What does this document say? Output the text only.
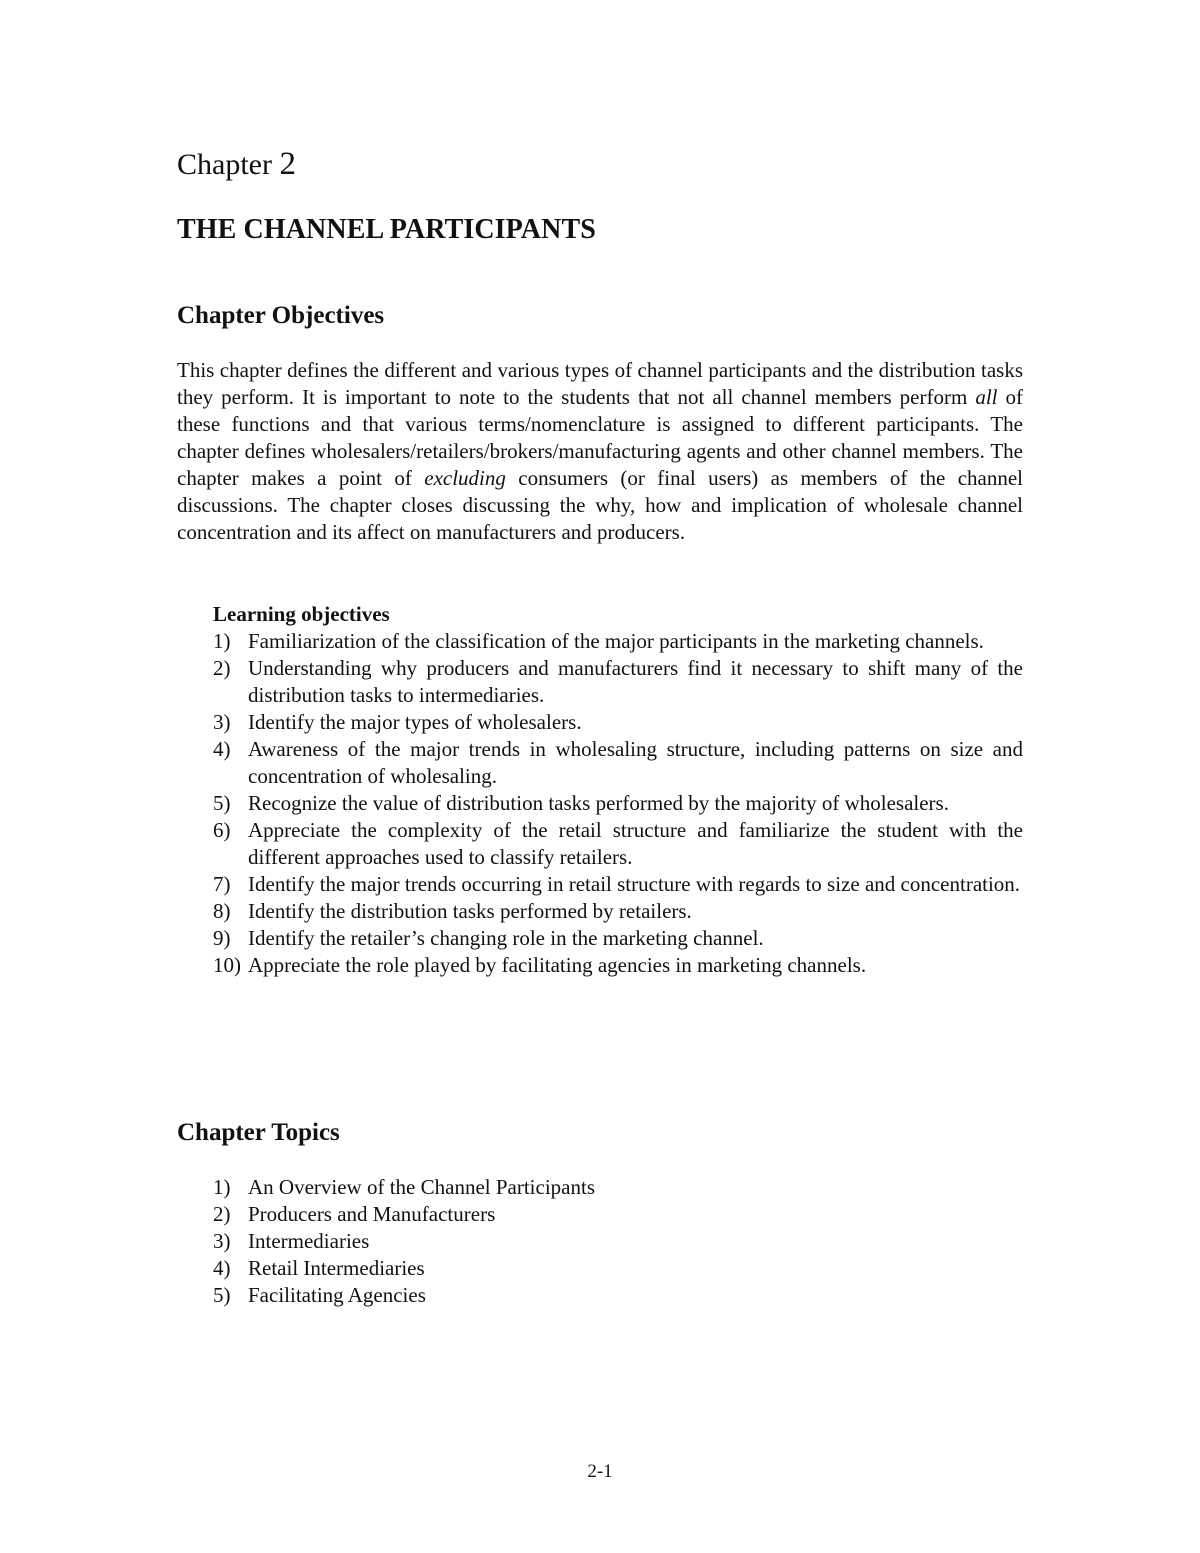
Chapter 2
THE CHANNEL PARTICIPANTS
Chapter Objectives

This chapter defines the different and various types of channel participants and the distribution tasks they perform. It is important to note to the students that not all channel members perform all of these functions and that various terms/nomenclature is assigned to different participants. The chapter defines wholesalers/retailers/brokers/manufacturing agents and other channel members. The chapter makes a point of excluding consumers (or final users) as members of the channel discussions. The chapter closes discussing the why, how and implication of wholesale channel concentration and its affect on manufacturers and producers.

Learning objectives

1) Familiarization of the classification of the major participants in the marketing channels.
2) Understanding why producers and manufacturers find it necessary to shift many of the distribution tasks to intermediaries.
3) Identify the major types of wholesalers.
4) Awareness of the major trends in wholesaling structure, including patterns on size and concentration of wholesaling.
5) Recognize the value of distribution tasks performed by the majority of wholesalers.
6) Appreciate the complexity of the retail structure and familiarize the student with the different approaches used to classify retailers.
7) Identify the major trends occurring in retail structure with regards to size and concentration.
8) Identify the distribution tasks performed by retailers.
9) Identify the retailer’s changing role in the marketing channel.
10) Appreciate the role played by facilitating agencies in marketing channels.
Chapter Topics
1) An Overview of the Channel Participants
2) Producers and Manufacturers
3) Intermediaries
4) Retail Intermediaries
5) Facilitating Agencies

2-1
